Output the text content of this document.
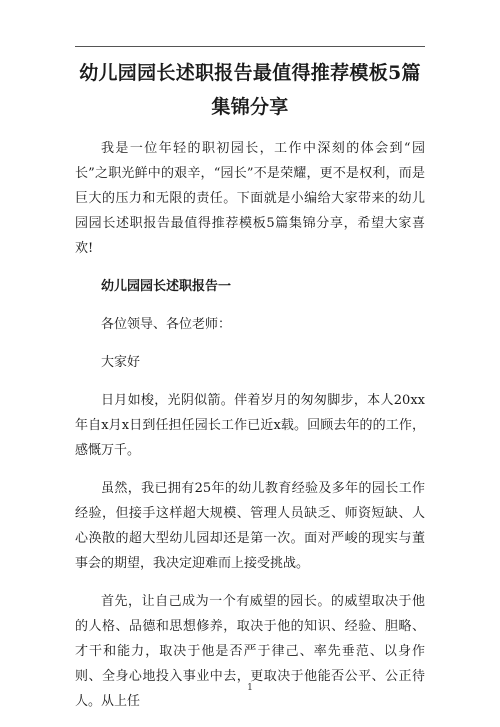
幼儿园园长述职报告最值得推荐模板5篇集锦分享

我是一位年轻的职初园长，工作中深刻的体会到“园长”之职光鲜中的艰辛，“园长”不是荣耀，更不是权利，而是巨大的压力和无限的责任。下面就是小编给大家带来的幼儿园园长述职报告最值得推荐模板5篇集锦分享，希望大家喜欢!

幼儿园园长述职报告一

各位领导、各位老师：

大家好

日月如梭，光阴似箭。伴着岁月的匆匆脚步，本人20xx年自x月x日到任担任园长工作已近x载。回顾去年的的工作，感慨万千。

虽然，我已拥有25年的幼儿教育经验及多年的园长工作经验，但接手这样超大规模、管理人员缺乏、师资短缺、人心涣散的超大型幼儿园却还是第一次。面对严峻的现实与董事会的期望，我决定迎难而上接受挑战。

首先，让自己成为一个有威望的园长。的威望取决于他的人格、品德和思想修养，取决于他的知识、经验、胆略、才干和能力，取决于他是否严于律己、率先垂范、以身作则、全身心地投入事业中去，更取决于他能否公平、公正待人。从上任

1
